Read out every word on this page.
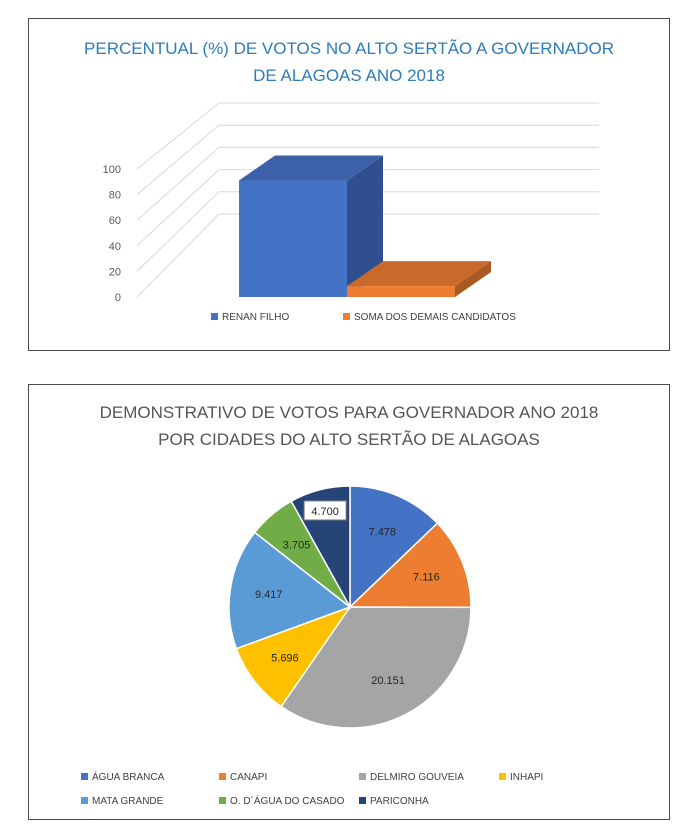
PERCENTUAL (%) DE VOTOS NO ALTO SERTÃO A GOVERNADOR
DE ALAGOAS ANO 2018
0
20
40
60
80
100
RENAN FILHO	SOMA DOS DEMAIS CANDIDATOS
DEMONSTRATIVO DE VOTOS PARA GOVERNADOR ANO 2018
POR CIDADES DO ALTO SERTÃO DE ALAGOAS
7.478
7.116
20.151
5.696
9.417
3.705
4.700
ÁGUA BRANCA	CANAPI	DELMIRO GOUVEIA	INHAPI
MATA GRANDE	O. D´ÁGUA DO CASADO	PARICONHA
